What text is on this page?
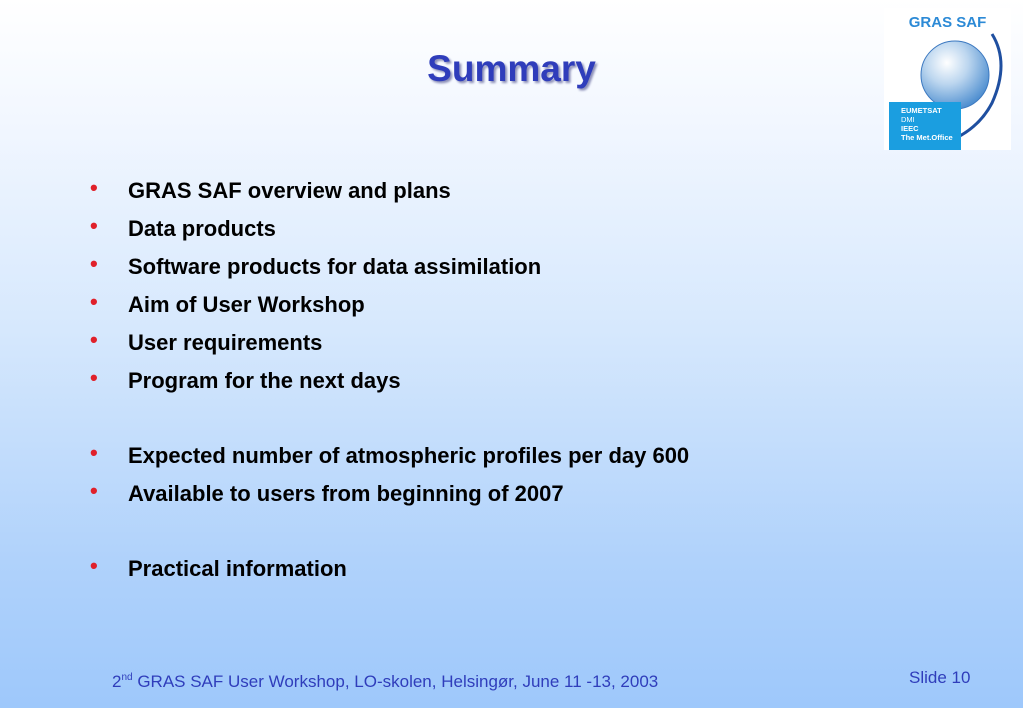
Summary
GRAS SAF
EUMETSAT
DMI
IEEC
The Met.Office
• GRAS SAF overview and plans
• Data products
• Software products for data assimilation
• Aim of User Workshop
• User requirements
• Program for the next days
• Expected number of atmospheric profiles per day 600
• Available to users from beginning of 2007
• Practical information
2nd GRAS SAF User Workshop, LO-skolen, Helsingør, June 11 -13, 2003	Slide 10
